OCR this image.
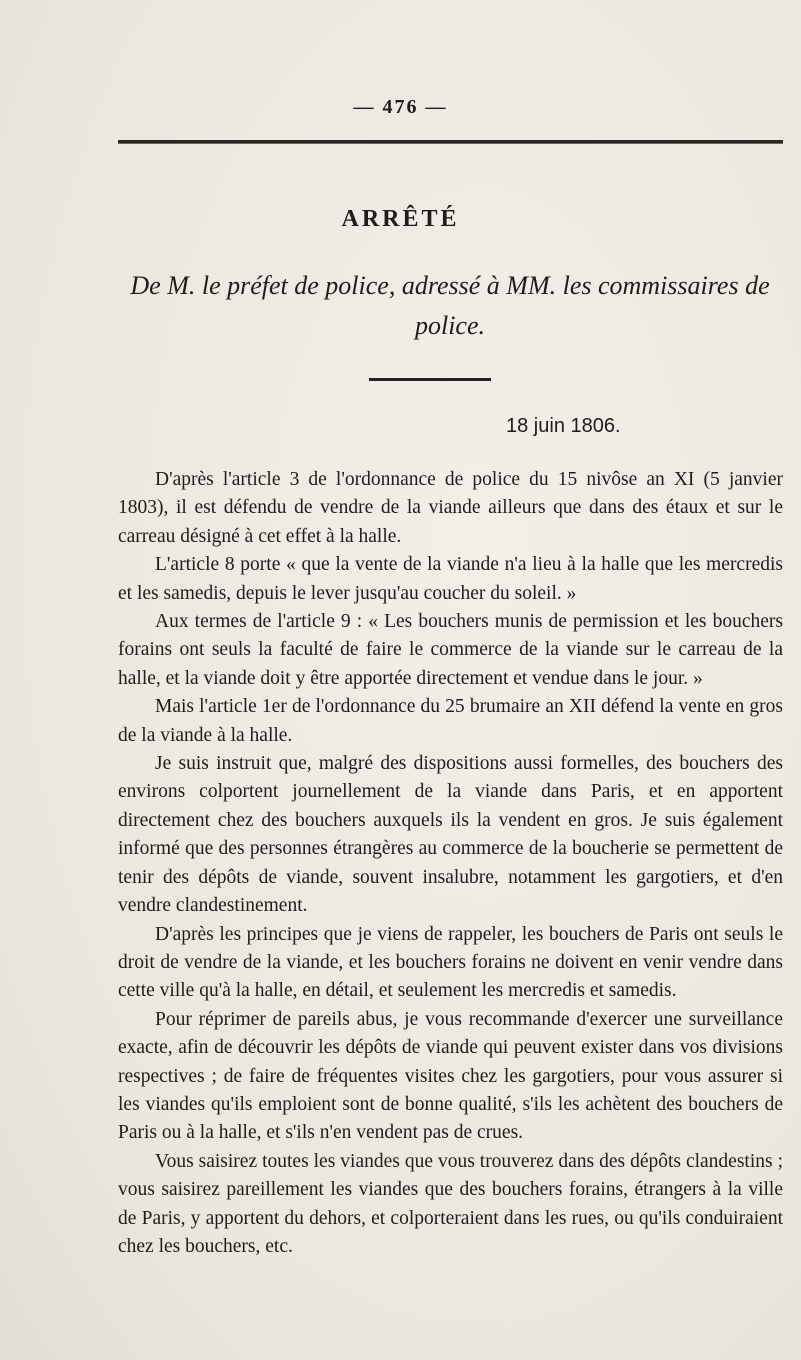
— 476 —
ARRÊTÉ
De M. le préfet de police, adressé à MM. les commissaires de police.
18 juin 1806.

D'après l'article 3 de l'ordonnance de police du 15 nivôse an XI (5 janvier 1803), il est défendu de vendre de la viande ailleurs que dans des étaux et sur le carreau désigné à cet effet à la halle.

L'article 8 porte « que la vente de la viande n'a lieu à la halle que les mercredis et les samedis, depuis le lever jusqu'au coucher du soleil. »

Aux termes de l'article 9 : « Les bouchers munis de permission et les bouchers forains ont seuls la faculté de faire le commerce de la viande sur le carreau de la halle, et la viande doit y être apportée directement et vendue dans le jour. »

Mais l'article 1er de l'ordonnance du 25 brumaire an XII défend la vente en gros de la viande à la halle.

Je suis instruit que, malgré des dispositions aussi formelles, des bouchers des environs colportent journellement de la viande dans Paris, et en apportent directement chez des bouchers auxquels ils la vendent en gros. Je suis également informé que des personnes étrangères au commerce de la boucherie se permettent de tenir des dépôts de viande, souvent insalubre, notamment les gargotiers, et d'en vendre clandestinement.

D'après les principes que je viens de rappeler, les bouchers de Paris ont seuls le droit de vendre de la viande, et les bouchers forains ne doivent en venir vendre dans cette ville qu'à la halle, en détail, et seulement les mercredis et samedis.

Pour réprimer de pareils abus, je vous recommande d'exercer une surveillance exacte, afin de découvrir les dépôts de viande qui peuvent exister dans vos divisions respectives ; de faire de fréquentes visites chez les gargotiers, pour vous assurer si les viandes qu'ils emploient sont de bonne qualité, s'ils les achètent des bouchers de Paris ou à la halle, et s'ils n'en vendent pas de crues.

Vous saisirez toutes les viandes que vous trouverez dans des dépôts clandestins ; vous saisirez pareillement les viandes que des bouchers forains, étrangers à la ville de Paris, y apportent du dehors, et colporteraient dans les rues, ou qu'ils conduiraient chez les bouchers, etc.
